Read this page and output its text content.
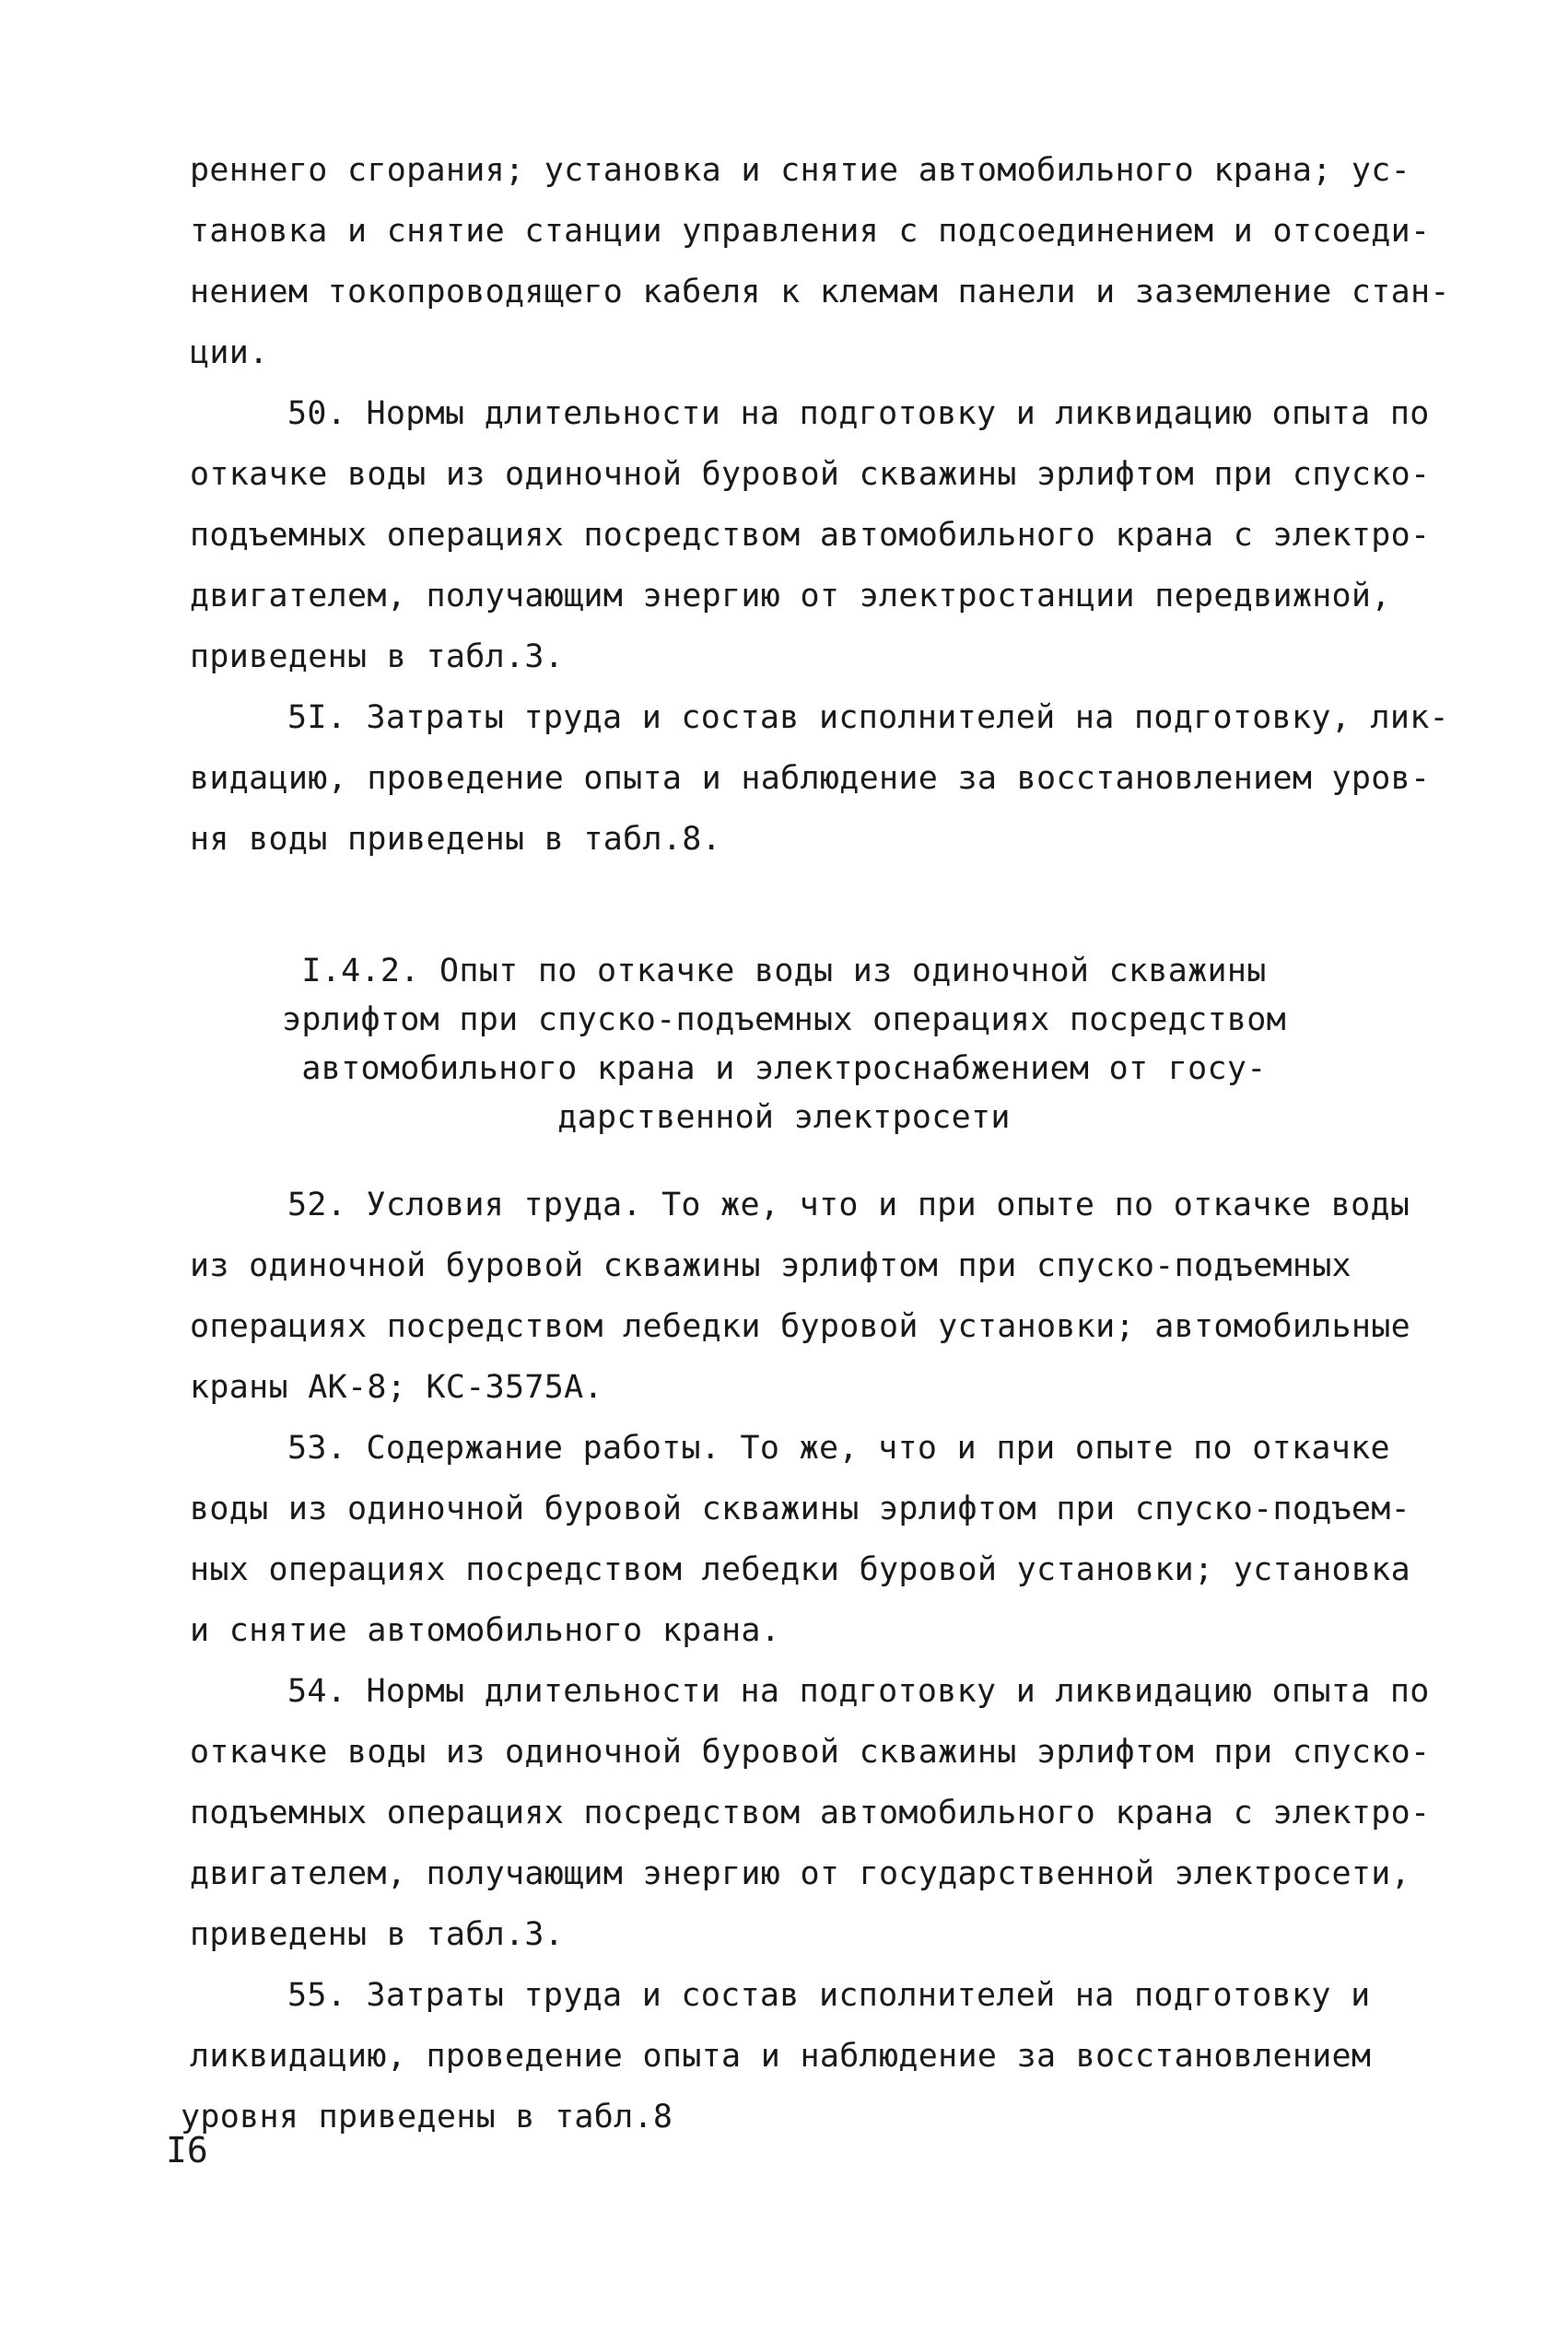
реннего сгорания; установка и снятие автомобильного крана; ус-
тановка и снятие станции управления с подсоединением и отсоеди-
нением токопроводящего кабеля к клемам панели и заземление стан-
ции.
50. Нормы длительности на подготовку и ликвидацию опыта по
откачке воды из одиночной буровой скважины эрлифтом при спуско-
подъемных операциях посредством автомобильного крана с электро-
двигателем, получающим энергию от электростанции передвижной,
приведены в табл.3.
5I. Затраты труда и состав исполнителей на подготовку, лик-
видацию, проведение опыта и наблюдение за восстановлением уров-
ня воды приведены в табл.8.
I.4.2. Опыт по откачке воды из одиночной скважины
эрлифтом при спуско-подъемных операциях посредством
автомобильного крана и электроснабжением от госу-
дарственной электросети
52. Условия труда. То же, что и при опыте по откачке воды
из одиночной буровой скважины эрлифтом при спуско-подъемных
операциях посредством лебедки буровой установки; автомобильные
краны АК-8; КС-3575А.
53. Содержание работы. То же, что и при опыте по откачке
воды из одиночной буровой скважины эрлифтом при спуско-подъем-
ных операциях посредством лебедки буровой установки; установка
и снятие автомобильного крана.
54. Нормы длительности на подготовку и ликвидацию опыта по
откачке воды из одиночной буровой скважины эрлифтом при спуско-
подъемных операциях посредством автомобильного крана с электро-
двигателем, получающим энергию от государственной электросети,
приведены в табл.3.
55. Затраты труда и состав исполнителей на подготовку и
ликвидацию, проведение опыта и наблюдение за восстановлением
уровня приведены в табл.8
I6
